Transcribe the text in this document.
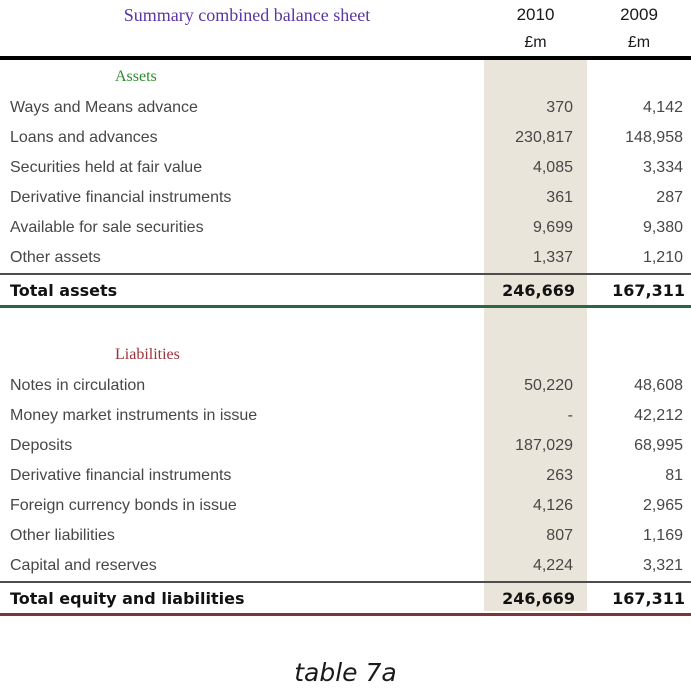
Summary combined balance sheet	2010	2009
£m	£m
Assets
Ways and Means advance	370	4,142
Loans and advances	230,817	148,958
Securities held at fair value	4,085	3,334
Derivative financial instruments	361	287
Available for sale securities	9,699	9,380
Other assets	1,337	1,210
Total assets	246,669	167,311
Liabilities
Notes in circulation	50,220	48,608
Money market instruments in issue	-	42,212
Deposits	187,029	68,995
Derivative financial instruments	263	81
Foreign currency bonds in issue	4,126	2,965
Other liabilities	807	1,169
Capital and reserves	4,224	3,321
Total equity and liabilities	246,669	167,311
table 7a
